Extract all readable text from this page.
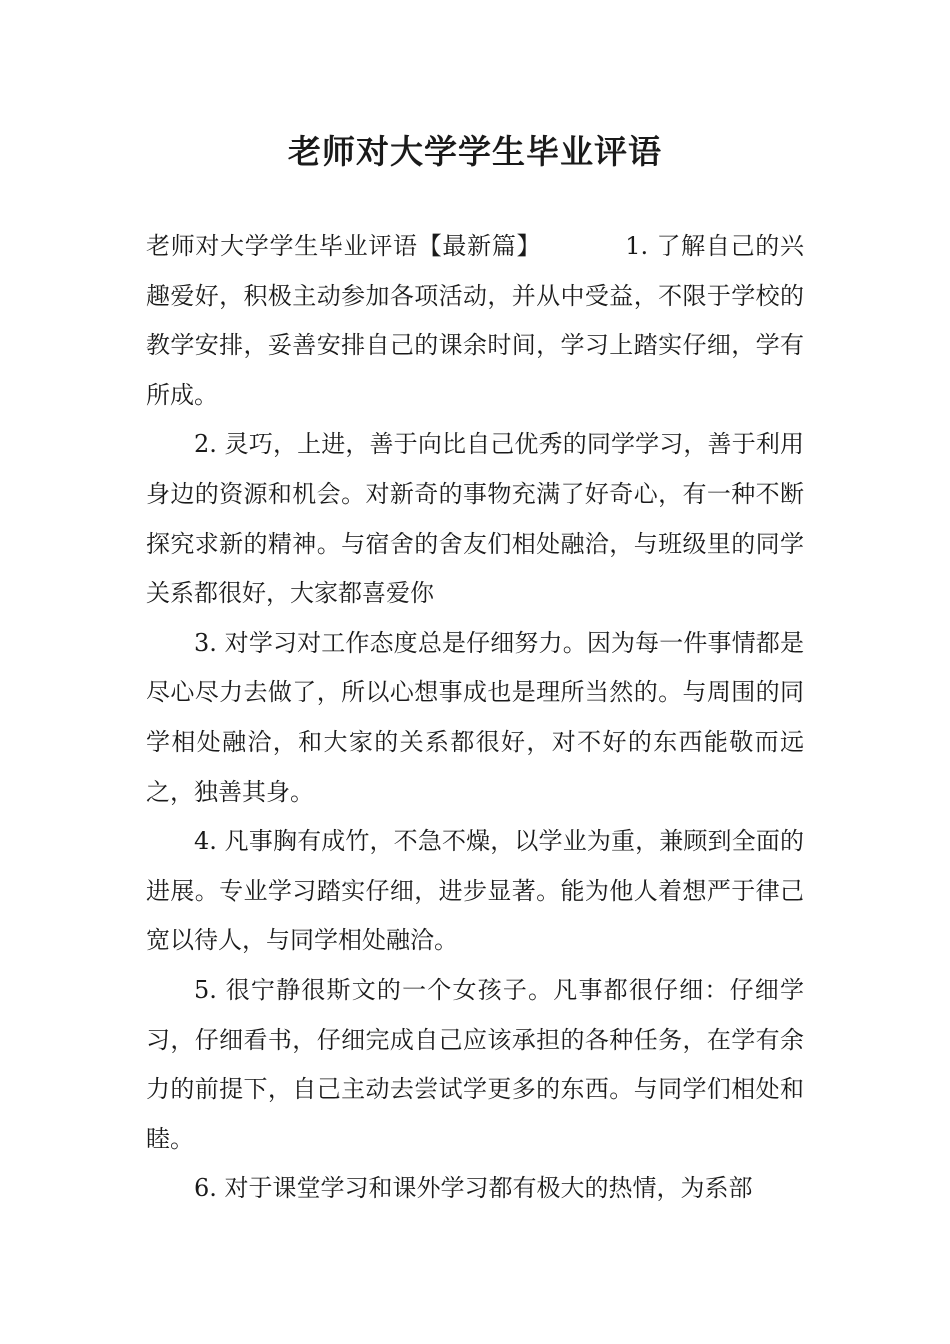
老师对大学学生毕业评语

老师对大学学生毕业评语【最新篇】	1. 了解自己的兴趣爱好，积极主动参加各项活动，并从中受益，不限于学校的教学安排，妥善安排自己的课余时间，学习上踏实仔细，学有所成。

2. 灵巧，上进，善于向比自己优秀的同学学习，善于利用身边的资源和机会。对新奇的事物充满了好奇心，有一种不断探究求新的精神。与宿舍的舍友们相处融洽，与班级里的同学关系都很好，大家都喜爱你

3. 对学习对工作态度总是仔细努力。因为每一件事情都是尽心尽力去做了，所以心想事成也是理所当然的。与周围的同学相处融洽，和大家的关系都很好，对不好的东西能敬而远之，独善其身。

4. 凡事胸有成竹，不急不燥，以学业为重，兼顾到全面的进展。专业学习踏实仔细，进步显著。能为他人着想严于律己宽以待人，与同学相处融洽。

5. 很宁静很斯文的一个女孩子。凡事都很仔细：仔细学习，仔细看书，仔细完成自己应该承担的各种任务，在学有余力的前提下，自己主动去尝试学更多的东西。与同学们相处和睦。

6. 对于课堂学习和课外学习都有极大的热情，为系部
